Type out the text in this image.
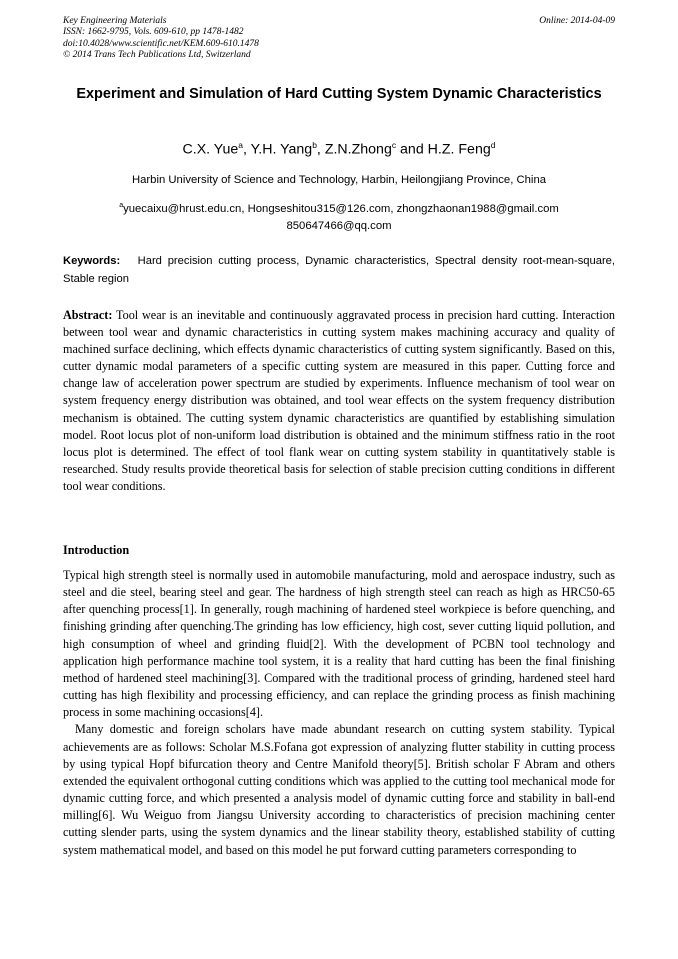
Key Engineering Materials
ISSN: 1662-9795, Vols. 609-610, pp 1478-1482
doi:10.4028/www.scientific.net/KEM.609-610.1478
© 2014 Trans Tech Publications Ltd, Switzerland
Online: 2014-04-09
Experiment and Simulation of Hard Cutting System Dynamic Characteristics
C.X. Yue$^a$, Y.H. Yang$^b$, Z.N.Zhong$^c$ and H.Z. Feng$^d$
Harbin University of Science and Technology, Harbin, Heilongjiang Province, China
$^a$yuecaixu@hrust.edu.cn, Hongseshitou315@126.com, zhongzhaonan1988@gmail.com
850647466@qq.com
Keywords: Hard precision cutting process, Dynamic characteristics, Spectral density root-mean-square, Stable region
Abstract: Tool wear is an inevitable and continuously aggravated process in precision hard cutting. Interaction between tool wear and dynamic characteristics in cutting system makes machining accuracy and quality of machined surface declining, which effects dynamic characteristics of cutting system significantly. Based on this, cutter dynamic modal parameters of a specific cutting system are measured in this paper. Cutting force and change law of acceleration power spectrum are studied by experiments. Influence mechanism of tool wear on system frequency energy distribution was obtained, and tool wear effects on the system frequency distribution mechanism is obtained. The cutting system dynamic characteristics are quantified by establishing simulation model. Root locus plot of non-uniform load distribution is obtained and the minimum stiffness ratio in the root locus plot is determined. The effect of tool flank wear on cutting system stability in quantitatively stable is researched. Study results provide theoretical basis for selection of stable precision cutting conditions in different tool wear conditions.
Introduction

Typical high strength steel is normally used in automobile manufacturing, mold and aerospace industry, such as steel and die steel, bearing steel and gear. The hardness of high strength steel can reach as high as HRC50-65 after quenching process[1]. In generally, rough machining of hardened steel workpiece is before quenching, and finishing grinding after quenching.The grinding has low efficiency, high cost, sever cutting liquid pollution, and high consumption of wheel and grinding fluid[2]. With the development of PCBN tool technology and application high performance machine tool system, it is a reality that hard cutting has been the final finishing method of hardened steel machining[3]. Compared with the traditional process of grinding, hardened steel hard cutting has high flexibility and processing efficiency, and can replace the grinding process as finish machining process in some machining occasions[4].

Many domestic and foreign scholars have made abundant research on cutting system stability. Typical achievements are as follows: Scholar M.S.Fofana got expression of analyzing flutter stability in cutting process by using typical Hopf bifurcation theory and Centre Manifold theory[5]. British scholar F Abram and others extended the equivalent orthogonal cutting conditions which was applied to the cutting tool mechanical mode for dynamic cutting force, and which presented a analysis model of dynamic cutting force and stability in ball-end milling[6]. Wu Weiguo from Jiangsu University according to characteristics of precision machining center cutting slender parts, using the system dynamics and the linear stability theory, established stability of cutting system mathematical model, and based on this model he put forward cutting parameters corresponding to
